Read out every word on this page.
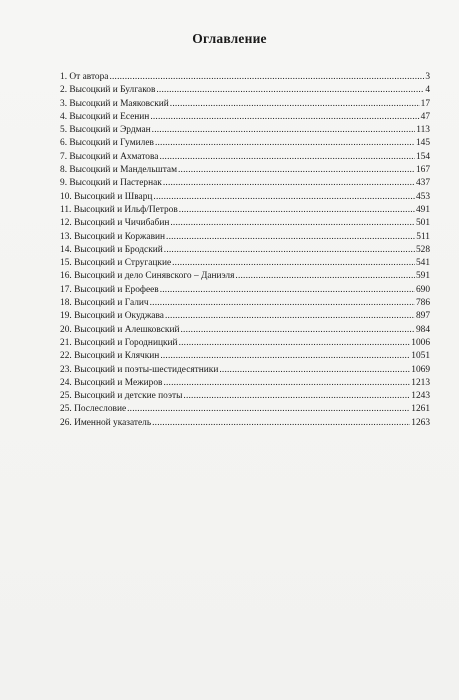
Оглавление
1. От автора .....	3
2. Высоцкий и Булгаков .....	4
3. Высоцкий и Маяковский .....	17
4. Высоцкий и Есенин .....	47
5. Высоцкий и Эрдман .....	113
6. Высоцкий и Гумилев .....	145
7. Высоцкий и Ахматова .....	154
8. Высоцкий и Мандельштам .....	167
9. Высоцкий и Пастернак .....	437
10. Высоцкий и Шварц .....	453
11. Высоцкий и Ильф/Петров .....	491
12. Высоцкий и Чичибабин .....	501
13. Высоцкий и Коржавин .....	511
14. Высоцкий и Бродский .....	528
15. Высоцкий и Стругацкие .....	541
16. Высоцкий и дело Синявского – Даниэля .....	591
17. Высоцкий и Ерофеев .....	690
18. Высоцкий и Галич .....	786
19. Высоцкий и Окуджава .....	897
20. Высоцкий и Алешковский .....	984
21. Высоцкий и Городницкий .....	1006
22. Высоцкий и Клячкин .....	1051
23. Высоцкий и поэты-шестидесятники .....	1069
24. Высоцкий и Межиров .....	1213
25. Высоцкий и детские поэты .....	1243
25. Послесловие .....	1261
26. Именной указатель .....	1263
